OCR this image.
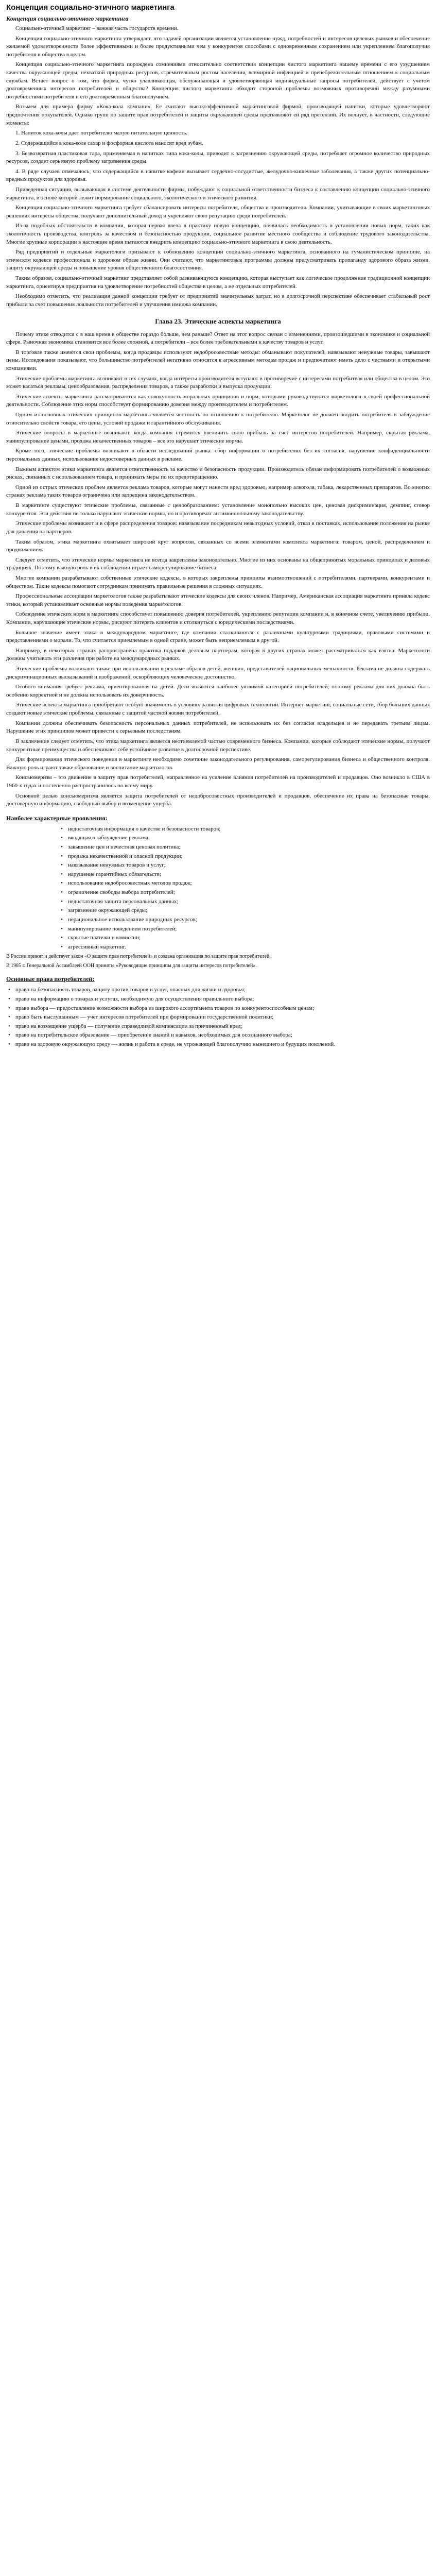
Концепция социально-этичного маркетинга
Концепция социально-этичного маркетинга

Социально-этичный маркетинг – важная часть государств времени.

Концепция социально-этичного маркетинга утверждает, что задачей организации является установление нужд, потребностей и интересов целевых рынков и обеспечение желаемой удовлетворенности более эффективными и более продуктивными чем у конкурентов способами с одновременным сохранением или укреплением благополучия потребителя и общества в целом.

Концепция социально-этичного маркетинга порождена сомнениями относительно соответствия концепции чистого маркетинга нашему времени с его ухудшением качества окружающей среды, нехваткой природных ресурсов, стремительным ростом населения, всемирной инфляцией и пренебрежительным отношением к социальным службам. Встает вопрос о том, что фирма, чутко улавливающая, обслуживающая и удовлетворяющая индивидуальные запросы потребителей, действует с учетом долговременных интересов потребителей и общества? Концепция чистого маркетинга обходит стороной проблемы возможных противоречий между разумными потребностями потребителя и его долговременным благополучием.

Возьмем для примера фирму «Кока-кола компани». Ее считают высокоэффективной маркетинговой фирмой, производящей напитки, которые удовлетворяют предпочтения покупателей. Однако групп по защите прав потребителей и защиты окружающей среды предъявляют ей ряд претензий. Их волнует, в частности, следующие моменты:

1. Напиток кока-колы дает потребителю малую питательную ценность.

2. Содержащийся в кока-коле сахар и фосфорная кислота наносят вред зубам.

3. Безвозвратная пластиковая тара, применяемая в напитках типа кока-колы, приводит к загрязнению окружающей среды, потребляет огромное количество природных ресурсов, создает серьезную проблему загрязнения среды.

4. В ряде случаев отмечалось, что содержащийся в напитке кофеин вызывает сердечно-сосудистые, желудочно-кишечные заболевания, а также других потенциально-вредных продуктов для здоровья.

Приведенная ситуация, вызывающая в системе деятельности фирмы, побуждают к социальной ответственности бизнеса к составлению концепции социально-этичного маркетинга, в основе которой лежит нормирование социального, экологического и этического развития.

Концепция социально-этичного маркетинга требует сбалансировать интересы потребителя, общества и производителя. Компании, учитывающие в своих маркетинговых решениях интересы общества, получают дополнительный доход и укрепляют свою репутацию среди потребителей.

Из-за подобных обстоятельств в компании, которая первая ввела в практику новую концепцию, появилась необходимость в установлении новых норм, таких как экологичность производства, контроль за качеством и безопасностью продукции, социальное развитие местного сообщества и соблюдение трудового законодательства. Многие крупные корпорации в настоящее время пытаются внедрить концепцию социально-этичного маркетинга в свою деятельность.

Ряд предприятий и отдельные маркетологи призывают к соблюдению концепции социально-этичного маркетинга, основанного на гуманистическом принципе, на этическом кодексе профессионала и здоровом образе жизни. Они считают, что маркетинговые программы должны предусматривать пропаганду здорового образа жизни, защиту окружающей среды и повышение уровня общественного благосостояния.

Таким образом, социально-этичный маркетинг представляет собой развивающуюся концепцию, которая выступает как логическое продолжение традиционной концепции маркетинга, ориентируя предприятия на удовлетворение потребностей общества в целом, а не отдельных потребителей.

Необходимо отметить, что реализация данной концепции требует от предприятий значительных затрат, но в долгосрочной перспективе обеспечивает стабильный рост прибыли за счет повышения лояльности потребителей и улучшения имиджа компании.

Глава 23. Этические аспекты маркетинга

Почему этике отводится с в наш время в обществе гораздо больше, чем раньше? Ответ на этот вопрос связан с изменениями, произошедшими в экономике и социальной сфере. Рыночная экономика становится все более сложной, а потребители – все более требовательными к качеству товаров и услуг.

В торговле также имеются свои проблемы, когда продавцы используют недобросовестные методы: обманывают покупателей, навязывают ненужные товары, завышают цены. Исследования показывают, что большинство потребителей негативно относятся к агрессивным методам продаж и предпочитают иметь дело с честными и открытыми компаниями.

Этические проблемы маркетинга возникают в тех случаях, когда интересы производителя вступают в противоречие с интересами потребителя или общества в целом. Это может касаться рекламы, ценообразования, распределения товаров, а также разработки и выпуска продукции.

Этические аспекты маркетинга рассматриваются как совокупность моральных принципов и норм, которыми руководствуются маркетологи в своей профессиональной деятельности. Соблюдение этих норм способствует формированию доверия между производителем и потребителем.

Одним из основных этических принципов маркетинга является честность по отношению к потребителю. Маркетолог не должен вводить потребителя в заблуждение относительно свойств товара, его цены, условий продажи и гарантийного обслуживания.

Этические вопросы в маркетинге возникают, когда компания стремится увеличить свою прибыль за счет интересов потребителей. Например, скрытая реклама, манипулирование ценами, продажа некачественных товаров – все это нарушает этические нормы.

Кроме того, этические проблемы возникают в области исследований рынка: сбор информации о потребителях без их согласия, нарушение конфиденциальности персональных данных, использование недостоверных данных в рекламе.

Важным аспектом этики маркетинга является ответственность за качество и безопасность продукции. Производитель обязан информировать потребителей о возможных рисках, связанных с использованием товара, и принимать меры по их предотвращению.

Одной из острых этических проблем является реклама товаров, которые могут нанести вред здоровью, например алкоголя, табака, лекарственных препаратов. Во многих странах реклама таких товаров ограничена или запрещена законодательством.

В маркетинге существуют этические проблемы, связанные с ценообразованием: установление монопольно высоких цен, ценовая дискриминация, демпинг, сговор конкурентов. Эти действия не только нарушают этические нормы, но и противоречат антимонопольному законодательству.

Этические проблемы возникают и в сфере распределения товаров: навязывание посредникам невыгодных условий, отказ в поставках, использование положения на рынке для давления на партнеров.

Таким образом, этика маркетинга охватывает широкий круг вопросов, связанных со всеми элементами комплекса маркетинга: товаром, ценой, распределением и продвижением.

Следует отметить, что этические нормы маркетинга не всегда закреплены законодательно. Многие из них основаны на общепринятых моральных принципах и деловых традициях. Поэтому важную роль в их соблюдении играет саморегулирование бизнеса.

Многие компании разрабатывают собственные этические кодексы, в которых закреплены принципы взаимоотношений с потребителями, партнерами, конкурентами и обществом. Такие кодексы помогают сотрудникам принимать правильные решения в сложных ситуациях.

Профессиональные ассоциации маркетологов также разрабатывают этические кодексы для своих членов. Например, Американская ассоциация маркетинга приняла кодекс этики, который устанавливает основные нормы поведения маркетологов.

Соблюдение этических норм в маркетинге способствует повышению доверия потребителей, укреплению репутации компании и, в конечном счете, увеличению прибыли. Компании, нарушающие этические нормы, рискуют потерять клиентов и столкнуться с юридическими последствиями.

Большое значение имеет этика в международном маркетинге, где компании сталкиваются с различными культурными традициями, правовыми системами и представлениями о морали. То, что считается приемлемым в одной стране, может быть неприемлемым в другой.

Например, в некоторых странах распространена практика подарков деловым партнерам, которая в других странах может рассматриваться как взятка. Маркетологи должны учитывать эти различия при работе на международных рынках.

Этические проблемы возникают также при использовании в рекламе образов детей, женщин, представителей национальных меньшинств. Реклама не должна содержать дискриминационных высказываний и изображений, оскорбляющих человеческое достоинство.

Особого внимания требует реклама, ориентированная на детей. Дети являются наиболее уязвимой категорией потребителей, поэтому реклама для них должна быть особенно корректной и не должна использовать их доверчивость.

Этические аспекты маркетинга приобретают особую значимость в условиях развития цифровых технологий. Интернет-маркетинг, социальные сети, сбор больших данных создают новые этические проблемы, связанные с защитой частной жизни потребителей.

Компании должны обеспечивать безопасность персональных данных потребителей, не использовать их без согласия владельцев и не передавать третьим лицам. Нарушение этих принципов может привести к серьезным последствиям.

В заключение следует отметить, что этика маркетинга является неотъемлемой частью современного бизнеса. Компании, которые соблюдают этические нормы, получают конкурентные преимущества и обеспечивают себе устойчивое развитие в долгосрочной перспективе.

Для формирования этического поведения в маркетинге необходимо сочетание законодательного регулирования, саморегулирования бизнеса и общественного контроля. Важную роль играют также образование и воспитание маркетологов.

Консьюмеризм – это движение в защиту прав потребителей, направленное на усиление влияния потребителей на производителей и продавцов. Оно возникло в США в 1960-х годах и постепенно распространилось по всему миру.

Основной целью консьюмеризма является защита потребителей от недобросовестных производителей и продавцов, обеспечение их права на безопасные товары, достоверную информацию, свободный выбор и возмещение ущерба.

Наиболее характерные проявления:
• недостаточная информация о качестве и безопасности товаров;
• вводящая в заблуждение реклама;
• завышение цен и нечестная ценовая политика;
• продажа некачественной и опасной продукции;
• навязывание ненужных товаров и услуг;
• нарушение гарантийных обязательств;
• использование недобросовестных методов продаж;
• ограничение свободы выбора потребителей;
• недостаточная защита персональных данных;
• загрязнение окружающей среды;
• нерациональное использование природных ресурсов;
• манипулирование поведением потребителей;
• скрытые платежи и комиссии;
• агрессивный маркетинг.

В России принят и действует закон «О защите прав потребителей» и создана организация по защите прав потребителей.

В 1985 г. Генеральной Ассамблеей ООН приняты «Руководящие принципы для защиты интересов потребителей».

Основные права потребителей:
• право на безопасность товаров, защиту против товаров и услуг, опасных для жизни и здоровья;
• право на информацию о товарах и услугах, необходимую для осуществления правильного выбора;
• право выбора — предоставление возможности выбора из широкого ассортимента товаров по конкурентоспособным ценам;
• право быть выслушанным — учет интересов потребителей при формировании государственной политики;
• право на возмещение ущерба — получение справедливой компенсации за причиненный вред;
• право на потребительское образование — приобретение знаний и навыков, необходимых для осознанного выбора;
• право на здоровую окружающую среду — жизнь и работа в среде, не угрожающей благополучию нынешнего и будущих поколений.
